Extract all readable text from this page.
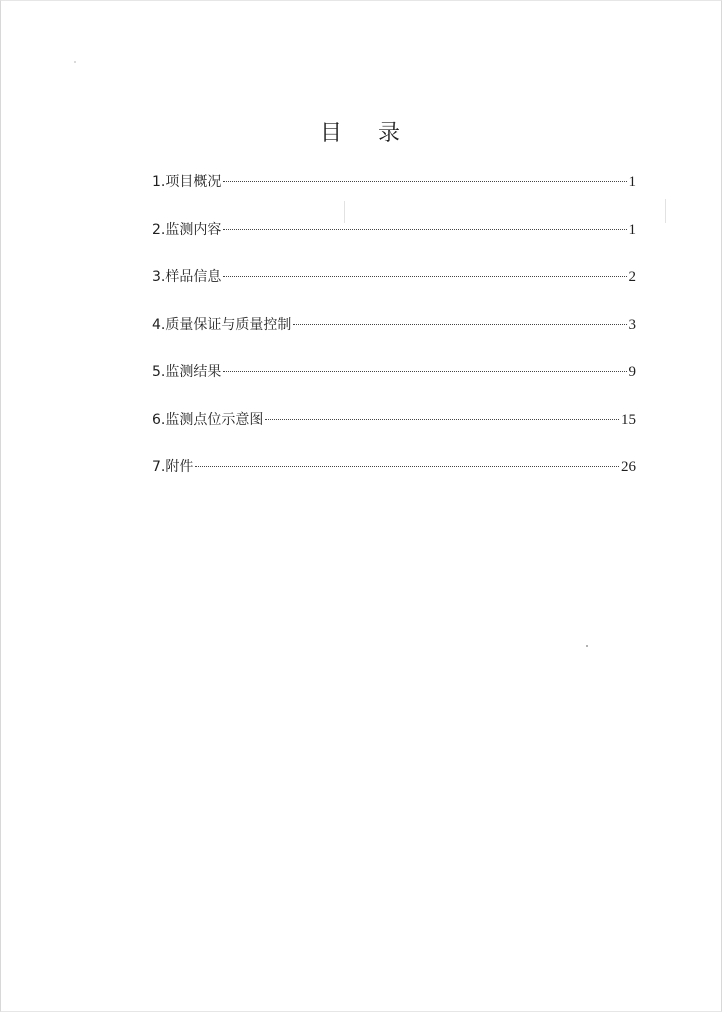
目 录
1.项目概况	1
2.监测内容	1
3.样品信息	2
4.质量保证与质量控制	3
5.监测结果	9
6.监测点位示意图	15
7.附件	26
